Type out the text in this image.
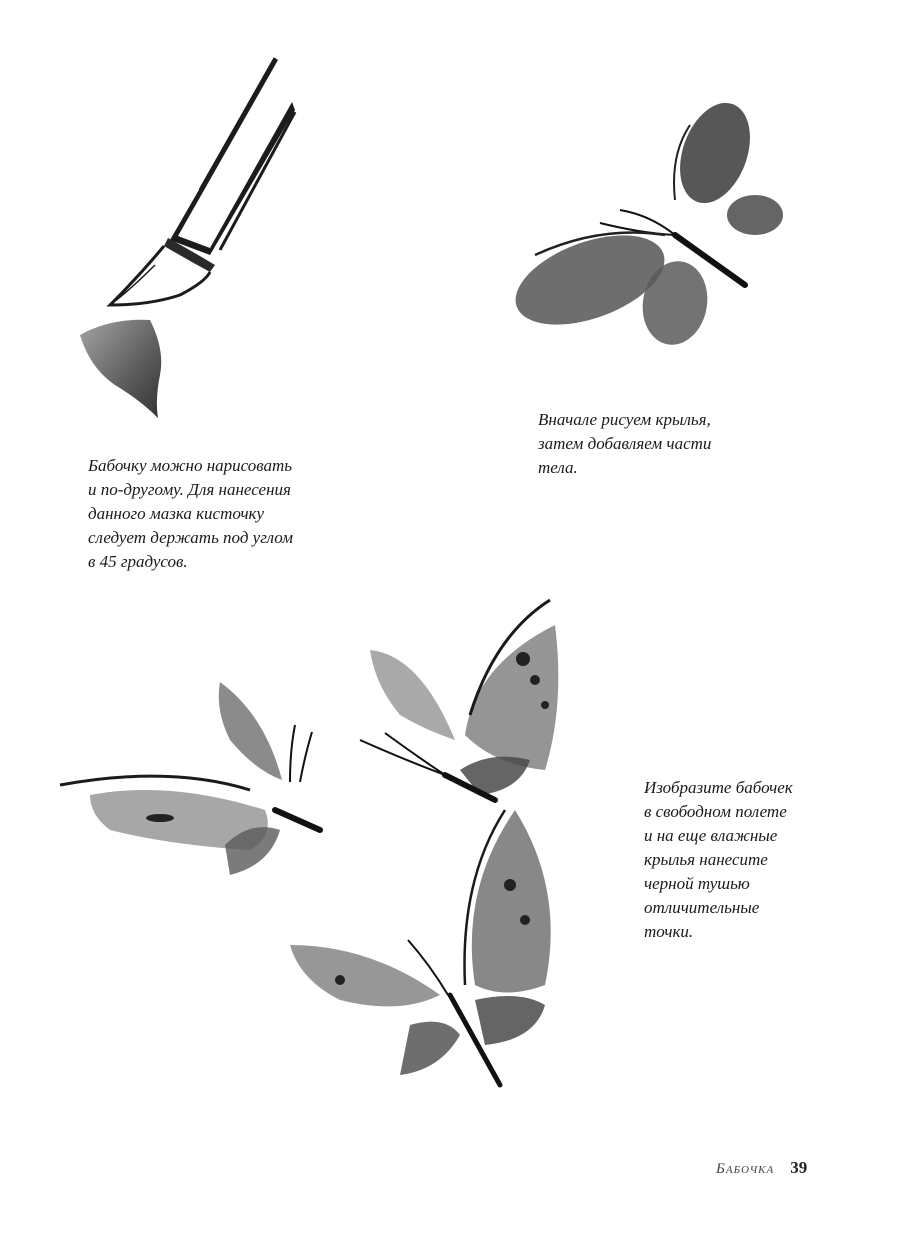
Бабочку можно нарисовать
и по-другому. Для нанесения
данного мазка кисточку
следует держать под углом
в 45 градусов.

Вначале рисуем крылья,
затем добавляем части
тела.

Изобразите бабочек
в свободном полете
и на еще влажные
крылья нанесите
черной тушью
отличительные
точки.

Бабочка 39
